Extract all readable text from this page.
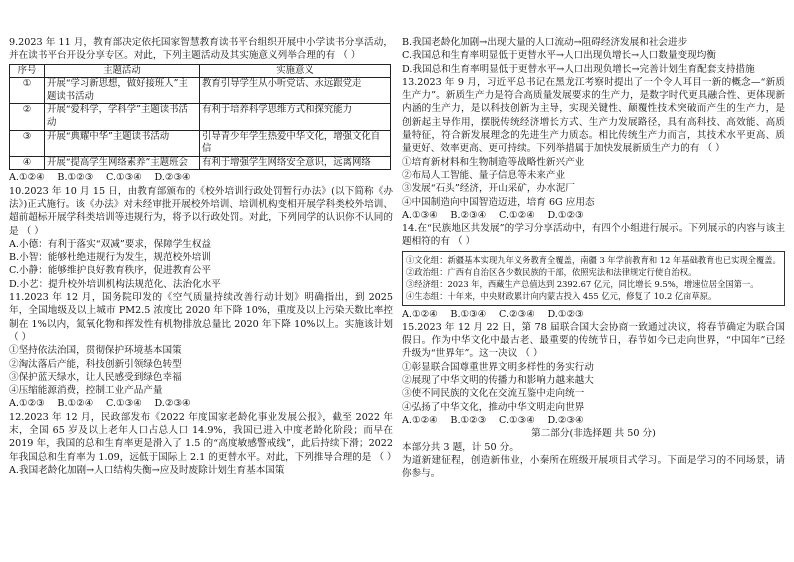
9.2023 年 11 月，教育部决定依托国家智慧教育读书平台组织开展中小学读书分享活动，并在读书平台开设分享专区。对此，下列主题活动及其实施意义列举合理的有 （ ）

序号	主题活动	实施意义
①	开展“学习新思想，做好接班人”主题读书活动	教育引导学生从小听党话、永远跟党走
②	开展“爱科学，学科学”主题读书活动	有利于培养科学思维方式和探究能力
③	开展“典耀中华”主题读书活动	引导青少年学生热爱中华文化，增强文化自信
④	开展“提高学生网络素养”主题班会	有利于增强学生网络安全意识，远离网络

A.①②④　 B.①②③　 C.①③④　 D.②③④

10.2023 年 10 月 15 日，由教育部颁布的《校外培训行政处罚暂行办法》(以下简称《办法》)正式施行。该《办法》对未经审批开展校外培训、培训机构变相开展学科类校外培训、超前超标开展学科类培训等违规行为，将予以行政处罚。对此，下列同学的认识你不认同的是 （ ）

A.小德：有利于落实“双减”要求，保障学生权益

B.小智：能够杜绝违规行为发生，规范校外培训

C.小静：能够维护良好教育秩序，促进教育公平

D.小艺：提升校外培训机构法规范化、法治化水平

11.2023 年 12 月，国务院印发的《空气质量持续改善行动计划》明确指出，到 2025 年，全国地级及以上城市 PM2.5 浓度比 2020 年下降 10%，重度及以上污染天数比率控制在 1%以内，氮氧化物和挥发性有机物排放总量比 2020 年下降 10%以上。实施该计划 （ ）

①坚持依法治国，贯彻保护环境基本国策

②淘汰落后产能，科技创新引领绿色转型

③保护蓝天绿水，让人民感受到绿色幸福

④压缩能源消费，控制工业产品产量

A.①②③　 B.①②④　 C.①③④　 D.②③④

12.2023 年 12 月，民政部发布《2022 年度国家老龄化事业发展公报》，截至 2022 年末，全国 65 岁及以上老年人口占总人口 14.9%，我国已进入中度老龄化阶段；而早在 2019 年，我国的总和生育率更是滑入了 1.5 的“高度敏感警戒线”，此后持续下滑；2022 年我国总和生育率为 1.09，远低于国际上 2.1 的更替水平。对此，下列推导合理的是 （ ）

A.我国老龄化加剧→人口结构失衡→应及时废除计划生育基本国策

B.我国老龄化加剧→出现大量的人口流动→阻碍经济发展和社会进步

C.我国总和生育率明显低于更替水平→人口出现负增长→人口数量变现均衡

D.我国总和生育率明显低于更替水平→人口出现负增长→完善计划生育配套支持措施

13.2023 年 9 月，习近平总书记在黑龙江考察时提出了一个令人耳目一新的概念—“新质生产力”。新质生产力是符合高质量发展要求的生产力，是数字时代更具融合性、更体现新内涵的生产力，是以科技创新为主导，实现关键性、颠覆性技术突破而产生的生产力，是创新起主导作用，摆脱传统经济增长方式、生产力发展路径，具有高科技、高效能、高质量特征，符合新发展理念的先进生产力质态。相比传统生产力而言，其技术水平更高、质量更好、效率更高、更可持续。下列举措属于加快发展新质生产力的有 （ ）

①培育新材料和生物制造等战略性新兴产业

②布局人工智能、量子信息等未来产业

③发展“石头”经济，开山采矿，办水泥厂

④中国制造向中国智造迈进，培育 6G 应用态

A.①③④　 B.②③④　 C.①②④　 D.①②③

14.在“民族地区共发展”的学习分享活动中，有四个小组进行展示。下列展示的内容与该主题相符的有 （ ）

①文化组：新疆基本实现九年义务教育全覆盖，南疆 3 年学前教育和 12 年基础教育也已实现全覆盖。
②政治组：广西有自治区各少数民族的干部，依照宪法和法律规定行使自治权。
③经济组：2023 年，西藏生产总值达到 2392.67 亿元，同比增长 9.5%，增速位居全国第一。
④生态组：十年来，中央财政累计向内蒙古投入 455 亿元，修复了 10.2 亿亩草原。

A.①②④　 B.①③④　 C.②③④　 D.①②③

15.2023 年 12 月 22 日，第 78 届联合国大会协商一致通过决议，将春节确定为联合国假日。作为中华文化中最古老、最重要的传统节日，春节如今已走向世界，“中国年”已经升级为“世界年”。这一决议 （ ）

①彰显联合国尊重世界文明多样性的务实行动

②展现了中华文明的传播力和影响力越来越大

③使不同民族的文化在交流互鉴中走向统一

④弘扬了中华文化，推动中华文明走向世界

A.①②④　 B.①②③　 C.①③④　 D.②③④

第二部分(非选择题 共 50 分)

本部分共 3 题，计 50 分。

为道新建征程，创造新伟业，小秦所在班级开展项目式学习。下面是学习的不同场景，请你参与。
